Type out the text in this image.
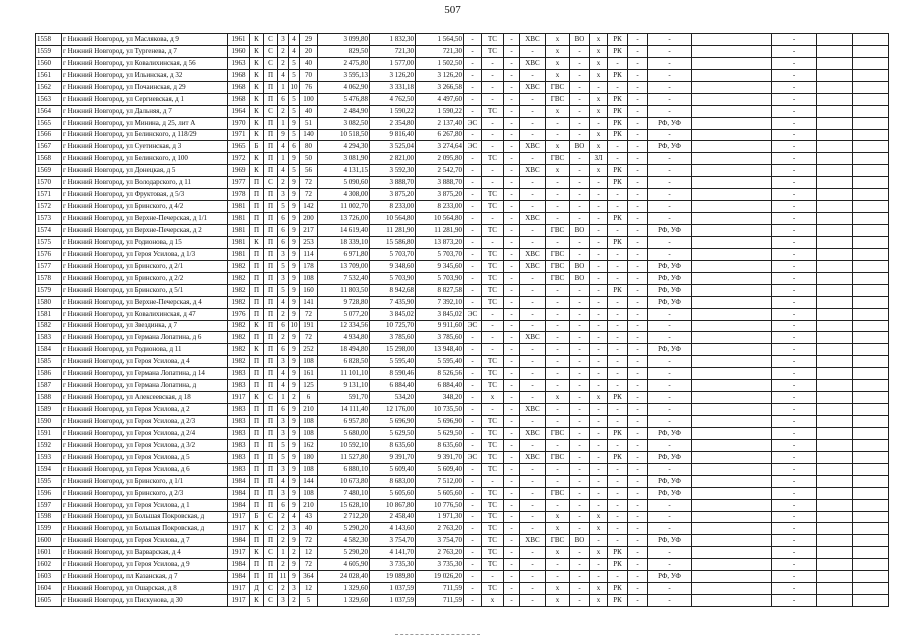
507
1558	г Нижний Новгород, ул Маслякова, д 9	1961	К	С	3	4	29	3 099,80	1 832,30	1 564,50	-	ТС	-	ХВС	х	ВО	х	РК	-	-		-		
1559	г Нижний Новгород, ул Тургенева, д 7	1960	К	С	2	4	20	829,50	721,30	721,30	-	ТС	-	-	х	-	х	РК	-	-		-		
1560	г Нижний Новгород, ул Ковалихинская, д 56	1963	К	С	2	5	40	2 475,80	1 577,00	1 502,50	-	-	-	ХВС	х	-	х	-	-	-		-		
1561	г Нижний Новгород, ул Ильинская, д 32	1968	К	П	4	5	70	3 595,13	3 126,20	3 126,20	-	-	-	-	х	-	х	РК	-	-		-		
1562	г Нижний Новгород, ул Почаинская, д 29	1968	К	П	1	10	76	4 062,90	3 331,18	3 266,58	-	-	-	ХВС	ГВС	-	-	-	-	-		-		
1563	г Нижний Новгород, ул Сергиевская, д 1	1968	К	П	6	5	100	5 476,88	4 762,50	4 497,60	-	-	-	-	ГВС	-	х	РК	-	-		-		
1564	г Нижний Новгород, ул Дальняя, д 7	1964	К	С	2	5	40	2 484,90	1 590,22	1 590,22	-	ТС	-	-	х	-	х	РК	-	-		-		
1565	г Нижний Новгород, ул Минина, д 25, лит А	1970	К	П	1	9	51	3 082,50	2 354,80	2 137,40	ЭС	-	-	-	-	-	-	РК	-	РФ, УФ		-		
1566	г Нижний Новгород, ул Белинского, д 118/29	1971	К	П	9	5	140	10 518,50	9 816,40	6 267,80	-	-	-	-	-	-	х	РК	-	-		-		
1567	г Нижний Новгород, ул Суетинская, д 3	1965	Б	П	4	6	80	4 294,30	3 525,04	3 274,64	ЭС	-	-	ХВС	х	ВО	х	-	-	РФ, УФ		-		
1568	г Нижний Новгород, ул Белинского, д 100	1972	К	П	1	9	50	3 081,90	2 821,00	2 095,80	-	ТС	-	-	ГВС	-	ЗЛ	-	-	-		-		
1569	г Нижний Новгород, ул Донецкая, д 5	1969	К	П	4	5	56	4 131,15	3 592,30	2 542,70	-	-	-	ХВС	х	-	х	РК	-	-		-		
1570	г Нижний Новгород, ул Володарского, д 11	1977	П	С	2	9	72	5 090,60	3 888,70	3 888,70	-	-	-	-	-	-	-	РК	-	-		-		
1571	г Нижний Новгород, ул Фруктовая, д 5/3	1978	П	П	3	9	72	4 308,00	3 875,20	3 875,20	-	ТС	-	-	-	-	-	-	-	-		-		
1572	г Нижний Новгород, ул Бринского, д 4/2	1981	П	П	5	9	142	11 002,70	8 233,00	8 233,00	-	ТС	-	-	-	-	-	-	-	-		-		
1573	г Нижний Новгород, ул Верхне-Печерская, д 1/1	1981	П	П	6	9	200	13 726,00	10 564,80	10 564,80	-	-	-	ХВС	-	-	-	РК	-	-		-		
1574	г Нижний Новгород, ул Верхне-Печерская, д 2	1981	П	П	6	9	217	14 619,40	11 281,90	11 281,90	-	ТС	-	-	ГВС	ВО	-	-	-	РФ, УФ		-		
1575	г Нижний Новгород, ул Родионова, д 15	1981	К	П	6	9	253	18 339,10	15 586,80	13 873,20	-	-	-	-	-	-	-	РК	-	-		-		
1576	г Нижний Новгород, ул Героя Усилова, д 1/3	1981	П	П	3	9	114	6 971,80	5 703,70	5 703,70	-	ТС	-	ХВС	ГВС	-	-	-	-	-		-		
1577	г Нижний Новгород, ул Бринского, д 2/1	1982	П	П	5	9	178	13 709,00	9 348,60	9 345,60	-	ТС	-	ХВС	ГВС	ВО	-	-	-	РФ, УФ		-		
1578	г Нижний Новгород, ул Бринского, д 2/2	1982	П	П	3	9	108	7 532,40	5 703,90	5 703,90	-	ТС	-	-	ГВС	ВО	-	-	-	РФ, УФ		-		
1579	г Нижний Новгород, ул Бринского, д 5/1	1982	П	П	5	9	160	11 803,50	8 942,68	8 827,58	-	ТС	-	-	-	-	-	РК	-	РФ, УФ		-		
1580	г Нижний Новгород, ул Верхне-Печерская, д 4	1982	П	П	4	9	141	9 728,80	7 435,90	7 392,10	-	ТС	-	-	-	-	-	-	-	РФ, УФ		-		
1581	г Нижний Новгород, ул Ковалихинская, д 47	1976	П	П	2	9	72	5 077,20	3 845,02	3 845,02	ЭС	-	-	-	-	-	-	-	-	-		-		
1582	г Нижний Новгород, ул Звездинка, д 7	1982	К	П	6	10	191	12 334,56	10 725,70	9 911,60	ЭС	-	-	-	-	-	-	-	-	-		-		
1583	г Нижний Новгород, ул Германа Лопатина, д 6	1982	П	П	2	9	72	4 934,80	3 785,60	3 785,60	-	-	-	ХВС	-	-	-	-	-	-		-		
1584	г Нижний Новгород, ул Родионова, д 11	1982	К	П	6	9	252	18 494,80	15 298,00	13 948,40	-	-	-	-	-	-	-	-	-	РФ, УФ		-		
1585	г Нижний Новгород, ул Героя Усилова, д 4	1982	П	П	3	9	108	6 828,50	5 595,40	5 595,40	-	ТС	-	-	-	-	-	-	-	-		-		
1586	г Нижний Новгород, ул Германа Лопатина, д 14	1983	П	П	4	9	161	11 101,10	8 590,46	8 526,56	-	ТС	-	-	-	-	-	-	-	-		-		
1587	г Нижний Новгород, ул Германа Лопатина, д	1983	П	П	4	9	125	9 131,10	6 884,40	6 884,40	-	ТС	-	-	-	-	-	-	-	-		-		
1588	г Нижний Новгород, ул Алексеевская, д 18	1917	К	С	1	2	6	591,70	534,20	348,20	-	х	-	-	х	-	х	РК	-	-		-		
1589	г Нижний Новгород, ул Героя Усилова, д 2	1983	П	П	6	9	210	14 111,40	12 176,00	10 735,50	-	-	-	ХВС	-	-	-	-	-	-		-		
1590	г Нижний Новгород, ул Героя Усилова, д 2/3	1983	П	П	3	9	108	6 957,80	5 696,90	5 696,90	-	ТС	-	-	-	-	-	-	-	-		-		
1591	г Нижний Новгород, ул Героя Усилова, д 2/4	1983	П	П	3	9	108	5 680,00	5 629,50	5 629,50	-	ТС	-	ХВС	ГВС	-	-	РК	-	РФ, УФ		-		
1592	г Нижний Новгород, ул Героя Усилова, д 3/2	1983	П	П	5	9	162	10 592,10	8 635,60	8 635,60	-	ТС	-	-	-	-	-	-	-	-		-		
1593	г Нижний Новгород, ул Героя Усилова, д 5	1983	П	П	5	9	180	11 527,80	9 391,70	9 391,70	ЭС	ТС	-	ХВС	ГВС	-	-	РК	-	РФ, УФ		-		
1594	г Нижний Новгород, ул Героя Усилова, д 6	1983	П	П	3	9	108	6 880,10	5 609,40	5 609,40	-	ТС	-	-	-	-	-	-	-	-		-		
1595	г Нижний Новгород, ул Бринского, д 1/1	1984	П	П	4	9	144	10 673,80	8 683,00	7 512,00	-	-	-	-	-	-	-	-	-	РФ, УФ		-		
1596	г Нижний Новгород, ул Бринского, д 2/3	1984	П	П	3	9	108	7 480,10	5 605,60	5 605,60	-	ТС	-	-	ГВС	-	-	-	-	РФ, УФ		-		
1597	г Нижний Новгород, ул Героя Усилова, д 1	1984	П	П	6	9	210	15 628,10	10 867,80	10 776,50	-	ТС	-	-	-	-	-	-	-	-		-		
1598	г Нижний Новгород, ул Большая Покровская, д	1917	Б	С	2	4	43	2 712,20	2 458,40	1 971,30	-	ТС	-	-	х	-	х	-	-	-		-		
1599	г Нижний Новгород, ул Большая Покровская, д	1917	К	С	2	3	40	5 290,20	4 143,60	2 763,20	-	ТС	-	-	х	-	х	-	-	-		-		
1600	г Нижний Новгород, ул Героя Усилова, д 7	1984	П	П	2	9	72	4 582,30	3 754,70	3 754,70	-	ТС	-	ХВС	ГВС	ВО	-	-	-	РФ, УФ		-		
1601	г Нижний Новгород, ул Варварская, д 4	1917	К	С	1	2	12	5 290,20	4 141,70	2 763,20	-	ТС	-	-	х	-	х	РК	-	-		-		
1602	г Нижний Новгород, ул Героя Усилова, д 9	1984	П	П	2	9	72	4 605,90	3 735,30	3 735,30	-	ТС	-	-	-	-	-	РК	-	-		-		
1603	г Нижний Новгород, пл Казанская, д 7	1984	П	П	11	9	364	24 028,40	19 089,80	19 026,20	-	-	-	-	-	-	-	-	-	РФ, УФ		-		
1604	г Нижний Новгород, ул Ошарская, д 8	1917	Д	С	2	3	12	1 329,60	1 037,59	711,59	-	ТС	-	-	х	-	х	РК	-	-		-		
1605	г Нижний Новгород, ул Пискунова, д 30	1917	К	С	3	2	5	1 329,60	1 037,59	711,59	-	х	-	-	х	-	х	РК	-	-		-		
